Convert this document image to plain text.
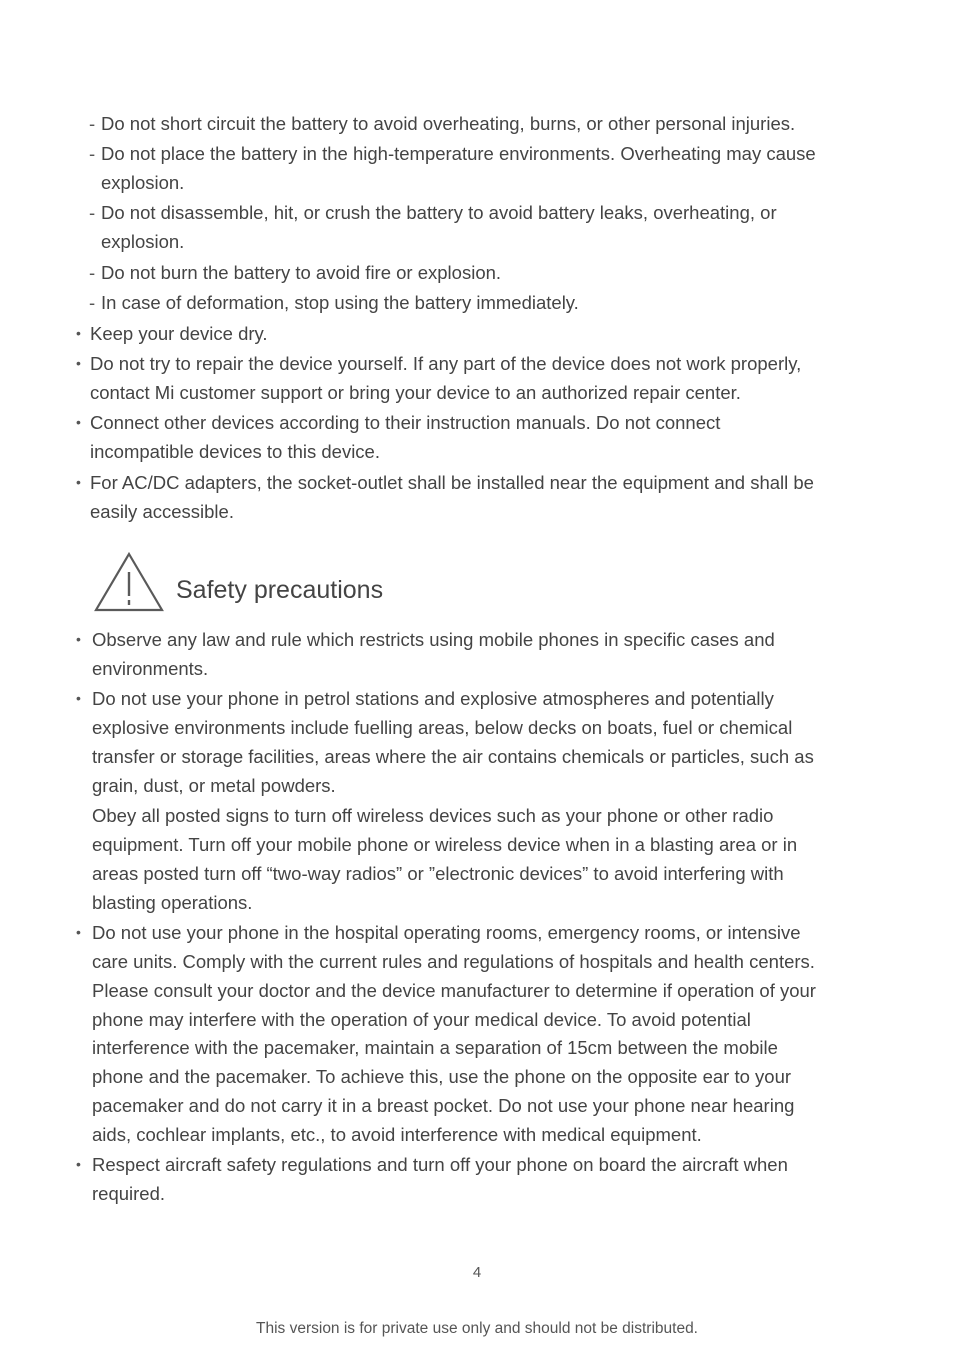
- Do not short circuit the battery to avoid overheating, burns, or other personal injuries.
- Do not place the battery in the high-temperature environments. Overheating may cause
explosion.
- Do not disassemble, hit, or crush the battery to avoid battery leaks, overheating, or
explosion.
- Do not burn the battery to avoid fire or explosion.
- In case of deformation, stop using the battery immediately.
• Keep your device dry.
• Do not try to repair the device yourself. If any part of the device does not work properly,
contact Mi customer support or bring your device to an authorized repair center.
• Connect other devices according to their instruction manuals. Do not connect
incompatible devices to this device.
• For AC/DC adapters, the socket-outlet shall be installed near the equipment and shall be
easily accessible.
Safety precautions
• Observe any law and rule which restricts using mobile phones in specific cases and
environments.
• Do not use your phone in petrol stations and explosive atmospheres and potentially
explosive environments include fuelling areas, below decks on boats, fuel or chemical
transfer or storage facilities, areas where the air contains chemicals or particles, such as
grain, dust, or metal powders.
Obey all posted signs to turn off wireless devices such as your phone or other radio
equipment. Turn off your mobile phone or wireless device when in a blasting area or in
areas posted turn off “two-way radios” or ”electronic devices” to avoid interfering with
blasting operations.
• Do not use your phone in the hospital operating rooms, emergency rooms, or intensive
care units. Comply with the current rules and regulations of hospitals and health centers.
Please consult your doctor and the device manufacturer to determine if operation of your
phone may interfere with the operation of your medical device. To avoid potential
interference with the pacemaker, maintain a separation of 15cm between the mobile
phone and the pacemaker. To achieve this, use the phone on the opposite ear to your
pacemaker and do not carry it in a breast pocket. Do not use your phone near hearing
aids, cochlear implants, etc., to avoid interference with medical equipment.
• Respect aircraft safety regulations and turn off your phone on board the aircraft when
required.
4
This version is for private use only and should not be distributed.
